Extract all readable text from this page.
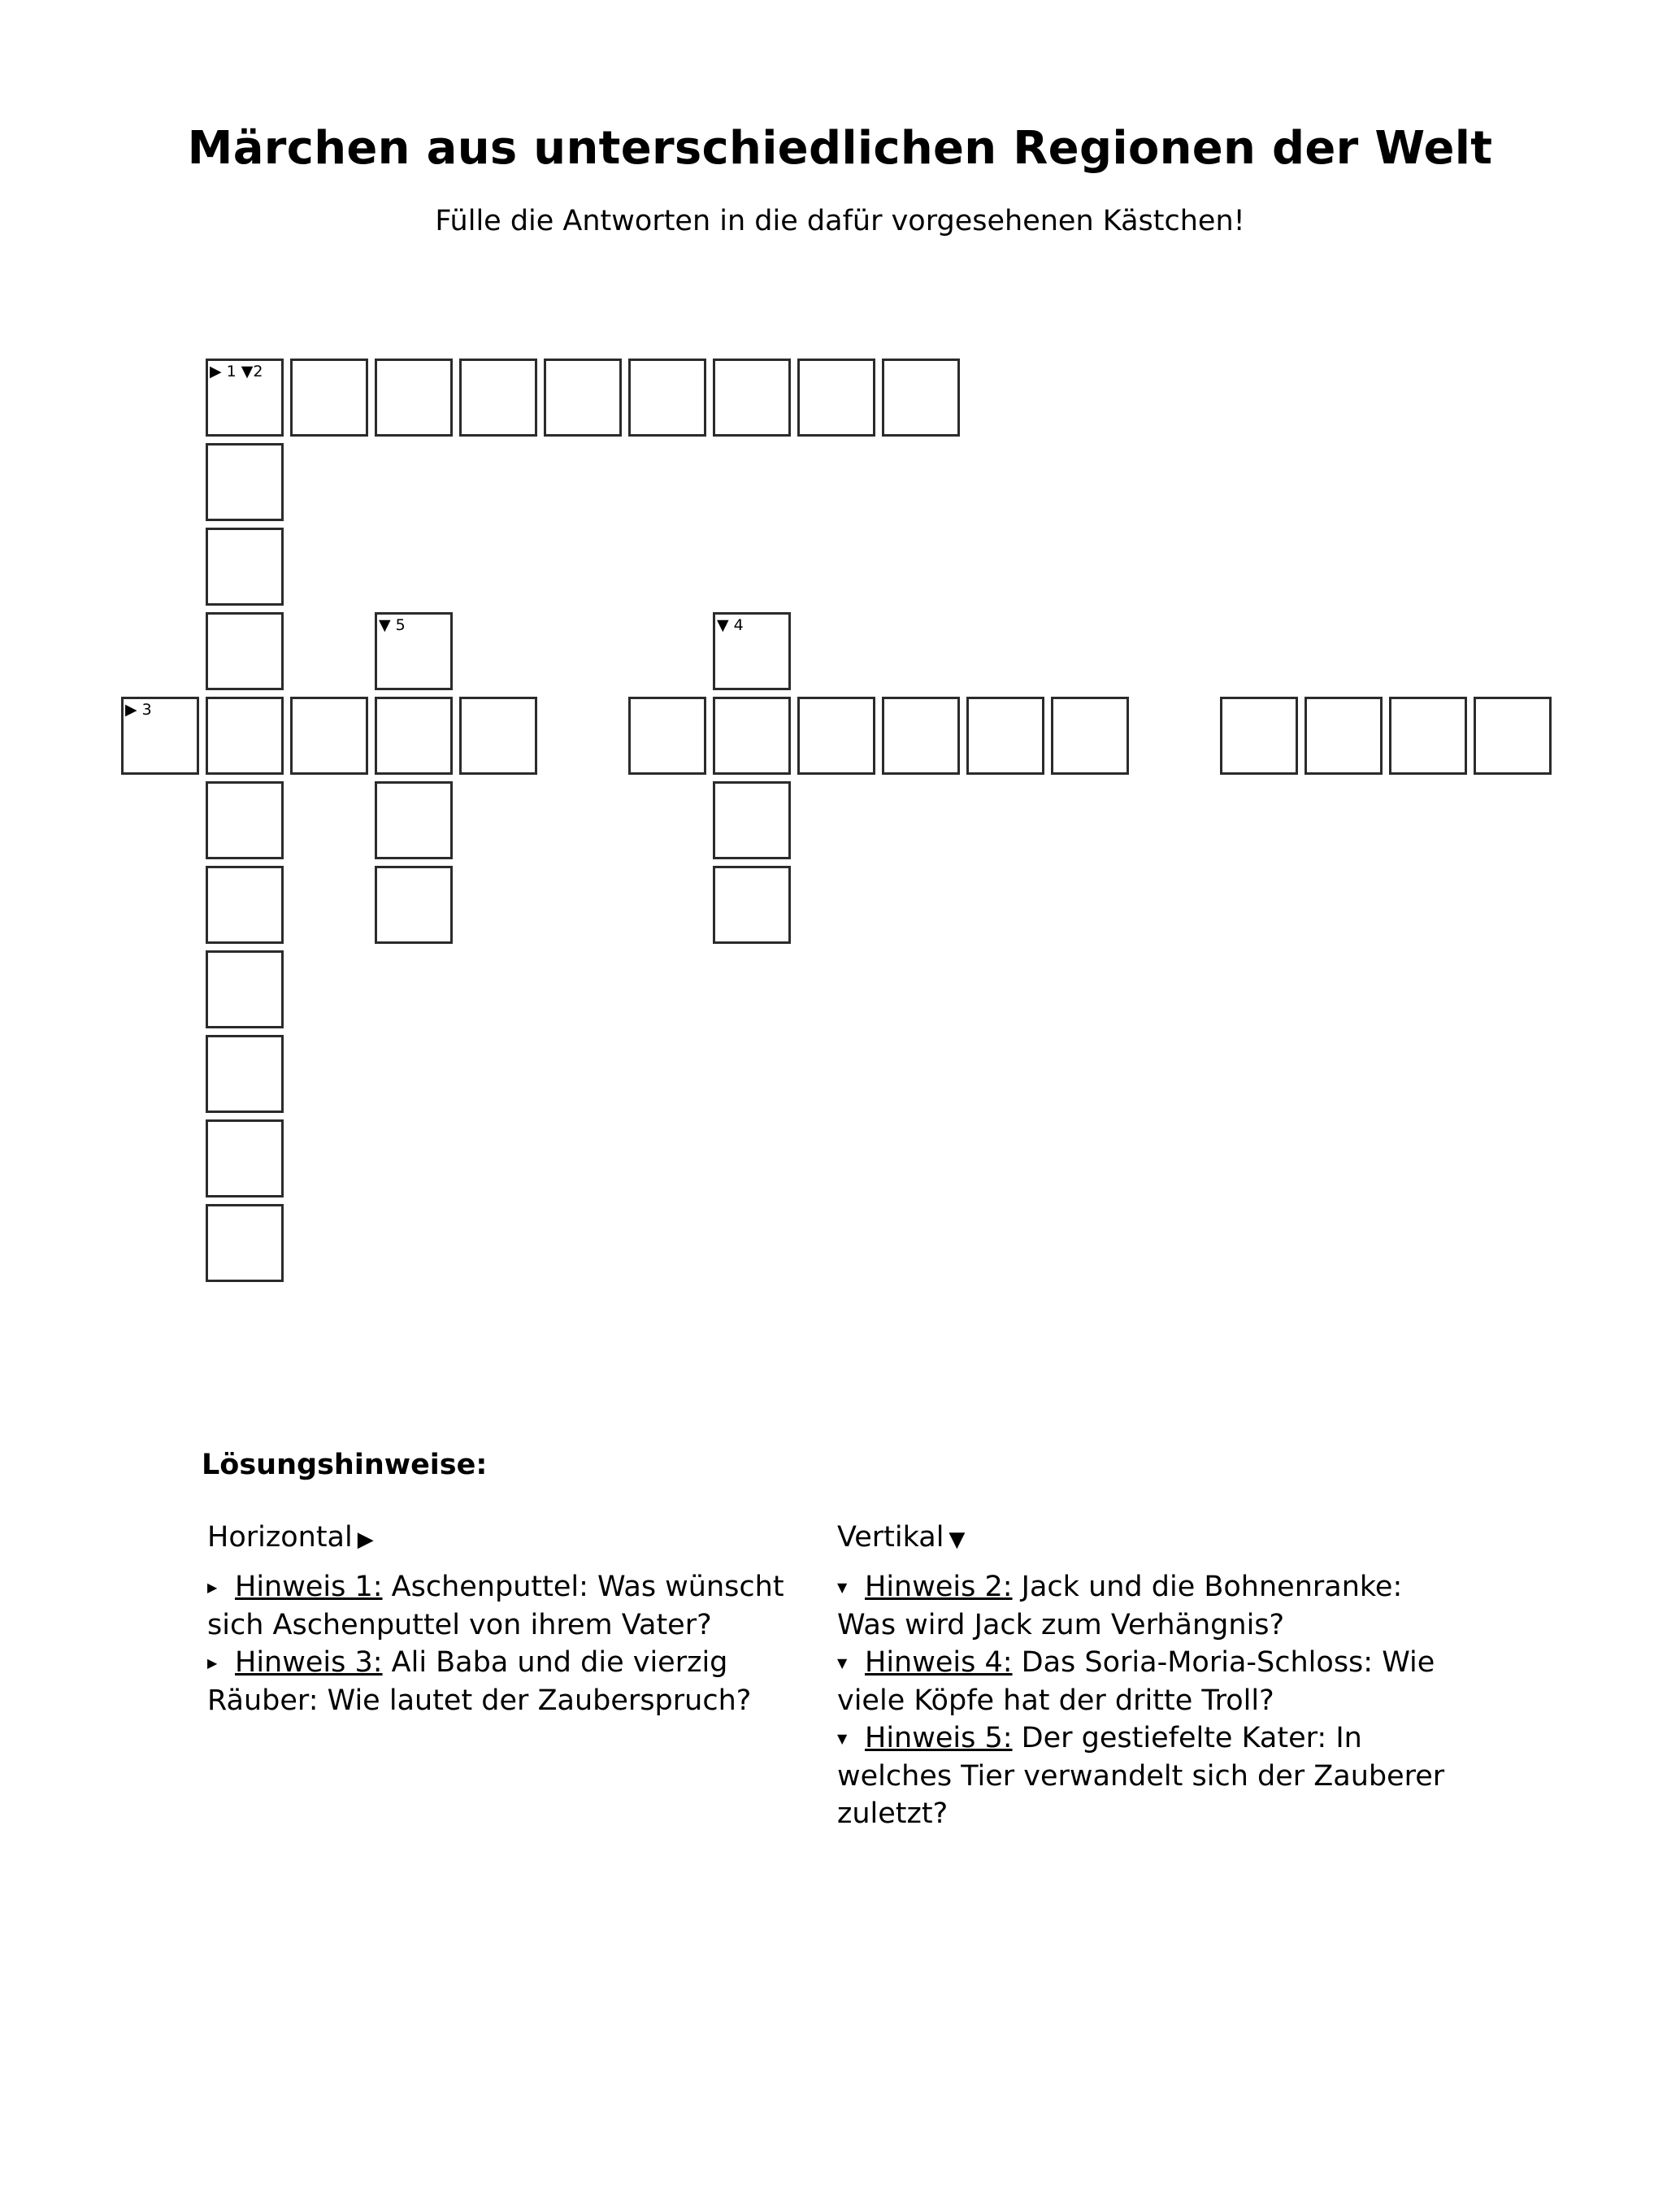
Märchen aus unterschiedlichen Regionen der Welt
Fülle die Antworten in die dafür vorgesehenen Kästchen!
▶ 1 ▼2
▶ 3
▼ 5	▼ 4
Lösungshinweise:
Horizontal ▶
▶ Hinweis 1: Aschenputtel: Was wünscht sich Aschenputtel von ihrem Vater?
▶ Hinweis 3: Ali Baba und die vierzig Räuber: Wie lautet der Zauberspruch?
Vertikal ▼
▼ Hinweis 2: Jack und die Bohnenranke: Was wird Jack zum Verhängnis?
▼ Hinweis 4: Das Soria-Moria-Schloss: Wie viele Köpfe hat der dritte Troll?
▼ Hinweis 5: Der gestiefelte Kater: In welches Tier verwandelt sich der Zauberer zuletzt?
